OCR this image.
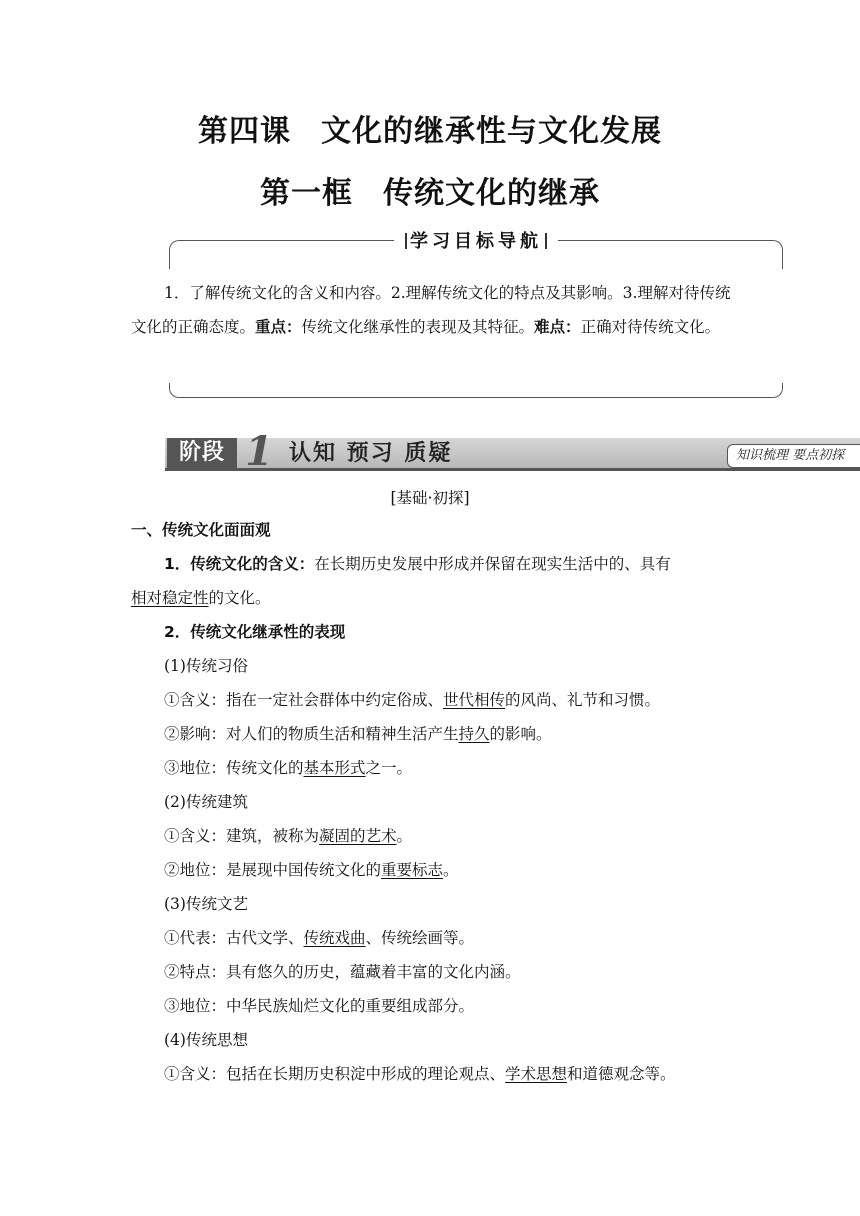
第四课 文化的继承性与文化发展
第一框 传统文化的继承
学习目标导航
1．了解传统文化的含义和内容。2.理解传统文化的特点及其影响。3.理解对待传统文化的正确态度。重点：传统文化继承性的表现及其特征。难点：正确对待传统文化。
阶段 1 认知 预习 质疑	知识梳理 要点初探
[基础·初探]
一、传统文化面面观
1．传统文化的含义：在长期历史发展中形成并保留在现实生活中的、具有
相对稳定性的文化。
2．传统文化继承性的表现
(1)传统习俗
①含义：指在一定社会群体中约定俗成、世代相传的风尚、礼节和习惯。
②影响：对人们的物质生活和精神生活产生持久的影响。
③地位：传统文化的基本形式之一。
(2)传统建筑
①含义：建筑，被称为凝固的艺术。
②地位：是展现中国传统文化的重要标志。
(3)传统文艺
①代表：古代文学、传统戏曲、传统绘画等。
②特点：具有悠久的历史，蕴藏着丰富的文化内涵。
③地位：中华民族灿烂文化的重要组成部分。
(4)传统思想
①含义：包括在长期历史积淀中形成的理论观点、学术思想和道德观念等。
